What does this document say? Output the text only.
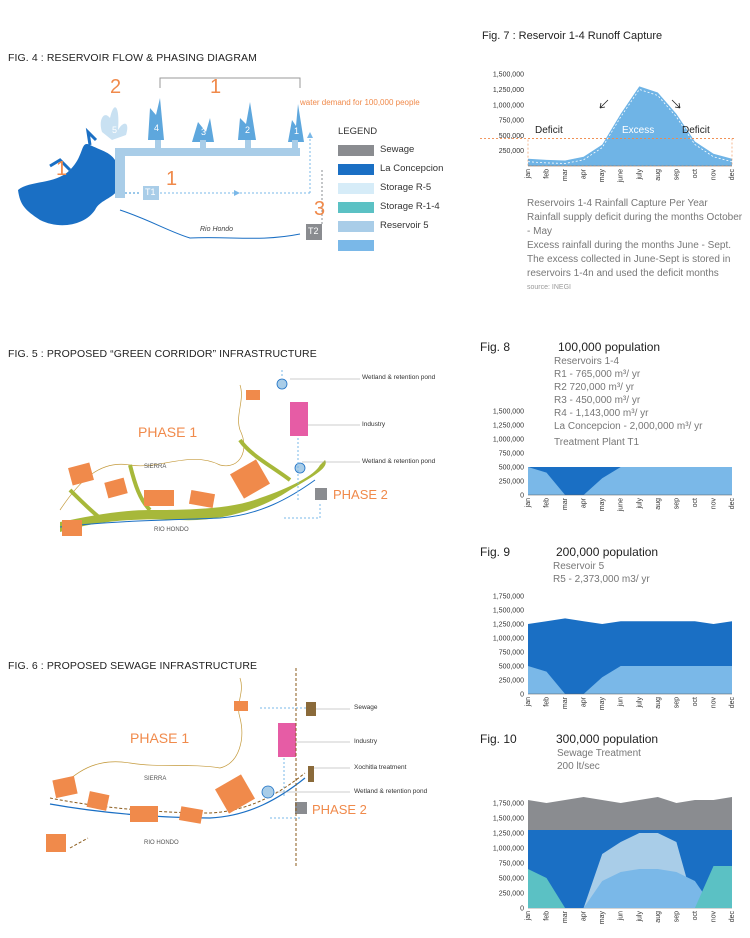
FIG. 4 : RESERVOIR FLOW & PHASING DIAGRAM
1
2
1	1
3
5	4	3	2	1
water demand for 100,000 people
T1
T2
Rio Hondo
LEGEND
Sewage
La Concepcion
Storage R-5
Storage R-1-4
Reservoir 5
FIG. 5 : PROPOSED “GREEN CORRIDOR” INFRASTRUCTURE
PHASE 1
PHASE 2
SIERRA
RIO HONDO
Wetland & retention pond
Industry
Wetland & retention pond
FIG. 6 : PROPOSED SEWAGE INFRASTRUCTURE
PHASE 1
PHASE 2
SIERRA
RIO HONDO
Sewage
Industry
Xochitla treatment
Wetland & retention pond
Fig. 7 : Reservoir 1-4 Runoff Capture
1,500,000
1,250,000
1,000,000
750,000
500,000
250,000
jan feb mar apr may june july aug sep oct nov dec
Deficit	Excess	Deficit
Reservoirs 1-4 Rainfall Capture Per Year
Rainfall supply deficit during the months October - May
Excess rainfall during the months June - Sept. The excess collected in June-Sept is stored in reservoirs 1-4n and used the deficit months
source: INEGI
Fig. 8	100,000 population
Reservoirs 1-4
R1 - 765,000 m³/ yr
R2 720,000 m³/ yr
R3 - 450,000 m³/ yr
R4 - 1,143,000 m³/ yr
La Concepcion - 2,000,000 m³/ yr
Treatment Plant T1
1,500,000
1,250,000
1,000,000
750,000
500,000
250,000
0
jan feb mar apr may june july aug sep oct nov dec
Fig. 9	200,000 population
Reservoir 5
R5 - 2,373,000 m3/ yr
1,750,000
1,500,000
1,250,000
1,000,000
750,000
500,000
250,000
0
jan feb mar apr may jun july aug sep oct nov dec
Fig. 10	300,000 population
Sewage Treatment
200 lt/sec
1,750,000
1,500,000
1,250,000
1,000,000
750,000
500,000
250,000
0
jan feb mar apr may jun july aug sep oct nov dec
